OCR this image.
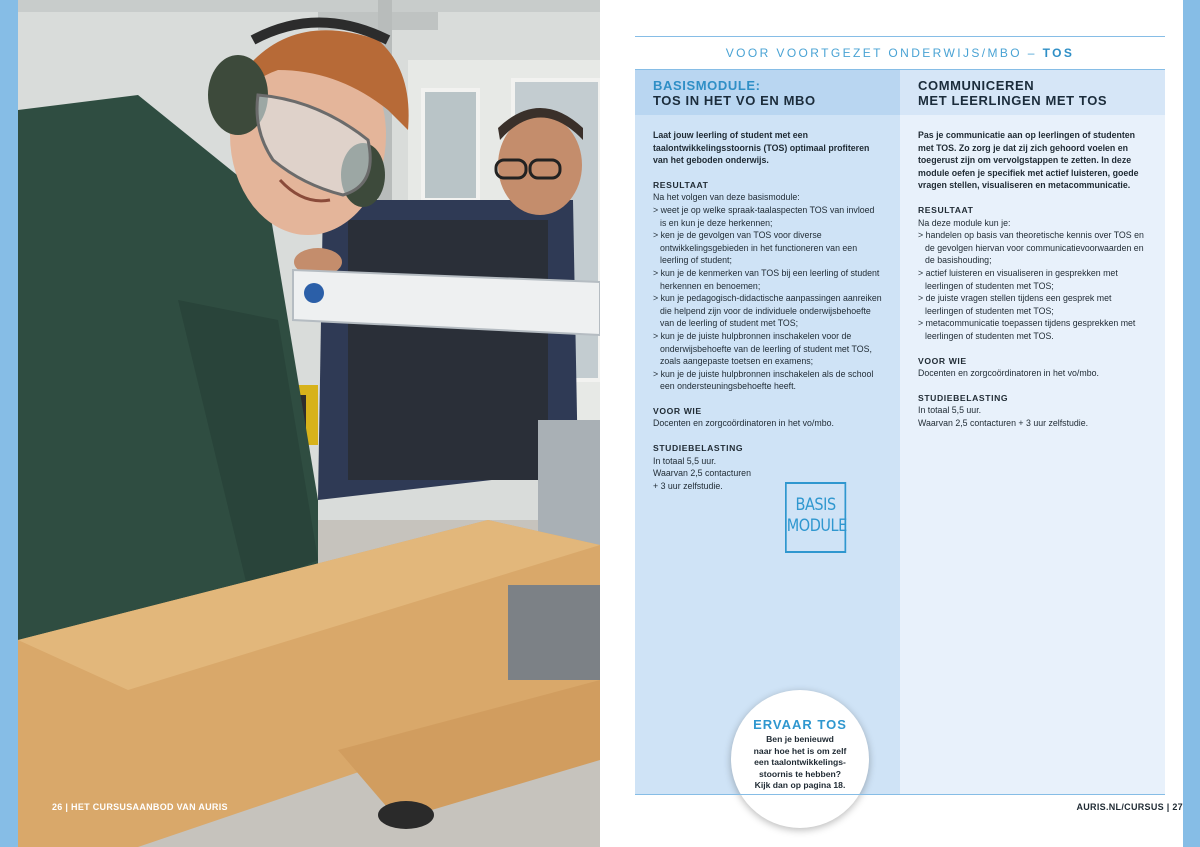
26 | HET CURSUSAANBOD VAN AURIS
VOOR VOORTGEZET ONDERWIJS/MBO – TOS
BASISMODULE:
TOS IN HET VO EN MBO

Laat jouw leerling of student met een taalontwikkelingsstoornis (TOS) optimaal profiteren van het geboden onderwijs.

RESULTAAT
Na het volgen van deze basismodule:
> weet je op welke spraak-taalaspecten TOS van invloed is en kun je deze herkennen;
> ken je de gevolgen van TOS voor diverse ontwikkelingsgebieden in het functioneren van een leerling of student;
> kun je de kenmerken van TOS bij een leerling of student herkennen en benoemen;
> kun je pedagogisch-didactische aanpassingen aanreiken die helpend zijn voor de individuele onderwijsbehoefte van de leerling of student met TOS;
> kun je de juiste hulpbronnen inschakelen voor de onderwijsbehoefte van de leerling of student met TOS, zoals aangepaste toetsen en examens;
> kun je de juiste hulpbronnen inschakelen als de school een ondersteuningsbehoefte heeft.
VOOR WIE
Docenten en zorgcoördinatoren in het vo/mbo.
STUDIEBELASTING
In totaal 5,5 uur.
Waarvan 2,5 contacturen
+ 3 uur zelfstudie.
BASIS
MODULE
ERVAAR TOS
Ben je benieuwd
naar hoe het is om zelf
een taalontwikkelings-
stoornis te hebben?
Kijk dan op pagina 18.
COMMUNICEREN
MET LEERLINGEN MET TOS

Pas je communicatie aan op leerlingen of studenten met TOS. Zo zorg je dat zij zich gehoord voelen en toegerust zijn om vervolgstappen te zetten. In deze module oefen je specifiek met actief luisteren, goede vragen stellen, visualiseren en metacommunicatie.

RESULTAAT
Na deze module kun je:
> handelen op basis van theoretische kennis over TOS en de gevolgen hiervan voor communicatievoorwaarden en de basishouding;
> actief luisteren en visualiseren in gesprekken met leerlingen of studenten met TOS;
> de juiste vragen stellen tijdens een gesprek met leerlingen of studenten met TOS;
> metacommunicatie toepassen tijdens gesprekken met leerlingen of studenten met TOS.
VOOR WIE
Docenten en zorgcoördinatoren in het vo/mbo.
STUDIEBELASTING
In totaal 5,5 uur.
Waarvan 2,5 contacturen + 3 uur zelfstudie.
AURIS.NL/CURSUS | 27
